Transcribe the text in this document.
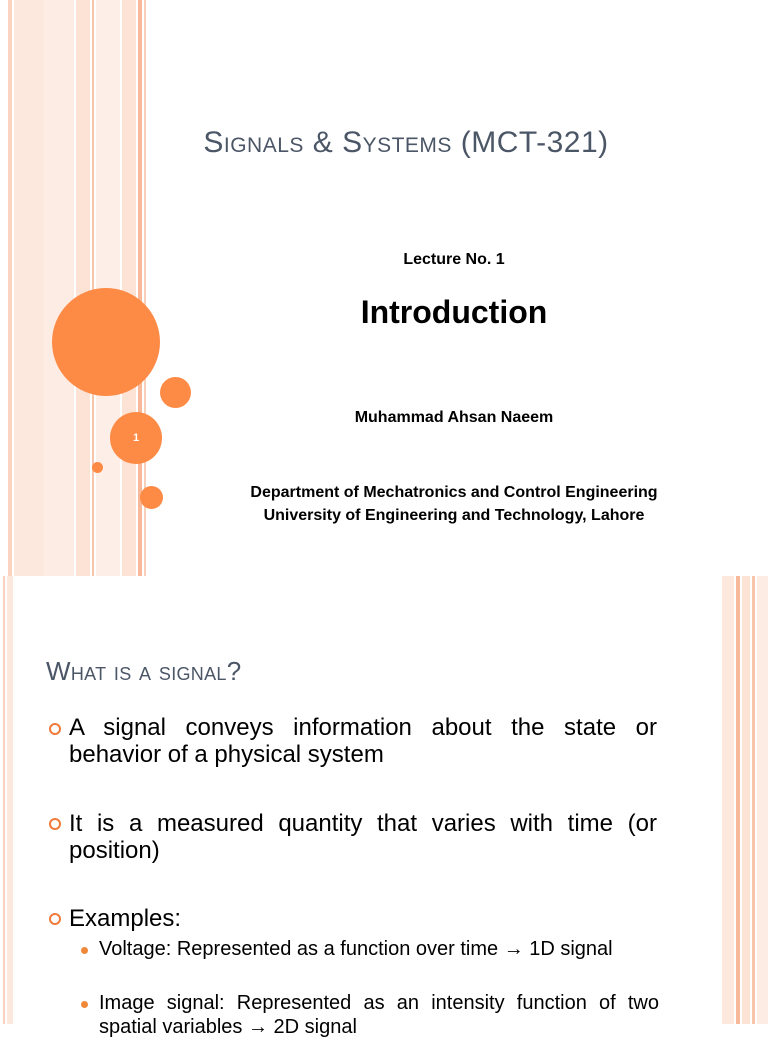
1
Signals & Systems (MCT-321)
Lecture No. 1
Introduction
Muhammad Ahsan Naeem
Department of Mechatronics and Control Engineering
University of Engineering and Technology, Lahore
What is a signal?

A signal conveys information about the state or behavior of a physical system

It is a measured quantity that varies with time (or position)

Examples:

Voltage: Represented as a function over time → 1D signal

Image signal: Represented as an intensity function of two spatial variables → 2D signal
